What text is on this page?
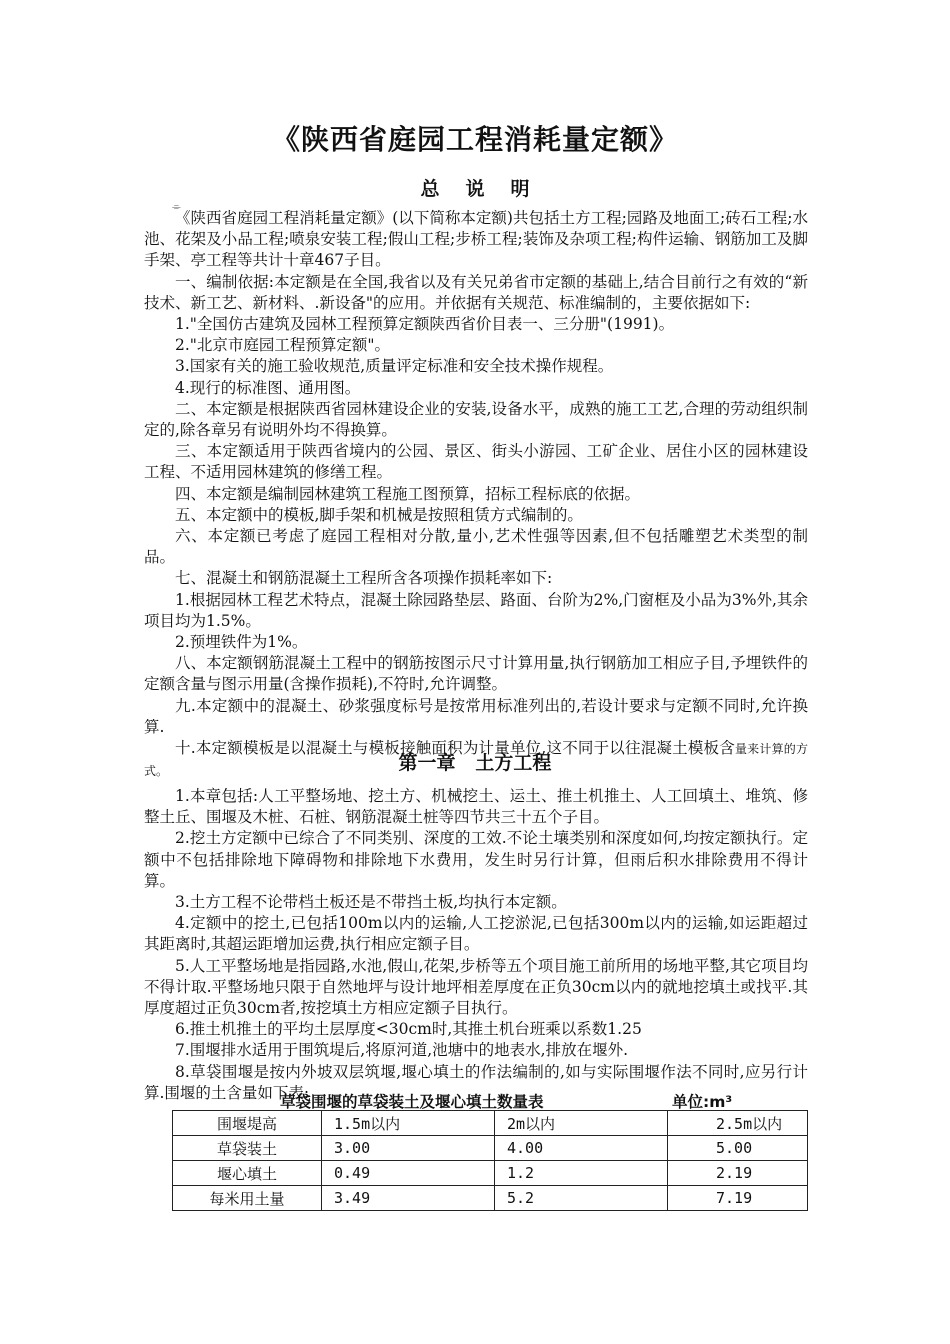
《陕西省庭园工程消耗量定额》
总说明
⌯

《陕西省庭园工程消耗量定额》(以下简称本定额)共包括土方工程;园路及地面工;砖石工程;水池、花架及小品工程;喷泉安装工程;假山工程;步桥工程;装饰及杂项工程;构件运输、钢筋加工及脚手架、亭工程等共计十章467子目。

一、编制依据:本定额是在全国,我省以及有关兄弟省市定额的基础上,结合目前行之有效的“新技术、新工艺、新材料、.新设备"的应用。并依据有关规范、标准编制的，主要依据如下:

1."全国仿古建筑及园林工程预算定额陕西省价目表一、三分册"(1991)。

2."北京市庭园工程预算定额"。

3.国家有关的施工验收规范,质量评定标准和安全技术操作规程。

4.现行的标准图、通用图。

二、本定额是根据陕西省园林建设企业的安装,设备水平，成熟的施工工艺,合理的劳动组织制定的,除各章另有说明外均不得换算。

三、本定额适用于陕西省境内的公园、景区、街头小游园、工矿企业、居住小区的园林建设工程、不适用园林建筑的修缮工程。

四、本定额是编制园林建筑工程施工图预算，招标工程标底的依据。

五、本定额中的模板,脚手架和机械是按照租赁方式编制的。

六、本定额已考虑了庭园工程相对分散,量小,艺术性强等因素,但不包括雕塑艺术类型的制品。

七、混凝土和钢筋混凝土工程所含各项操作损耗率如下:

1.根据园林工程艺术特点，混凝土除园路垫层、路面、台阶为2%,门窗框及小品为3%外,其余项目均为1.5%。

2.预埋铁件为1%。

八、本定额钢筋混凝土工程中的钢筋按图示尺寸计算用量,执行钢筋加工相应子目,予埋铁件的定额含量与图示用量(含操作损耗),不符时,允许调整。

九.本定额中的混凝土、砂浆强度标号是按常用标准列出的,若设计要求与定额不同时,允许换算.

十.本定额模板是以混凝土与模板接触面积为计量单位,这不同于以往混凝土模板含量来计算的方式。	第一章 土方工程

1.本章包括:人工平整场地、挖土方、机械挖土、运土、推土机推土、人工回填土、堆筑、修整土丘、围堰及木桩、石桩、钢筋混凝土桩等四节共三十五个子目。

2.挖土方定额中已综合了不同类别、深度的工效.不论土壤类别和深度如何,均按定额执行。定额中不包括排除地下障碍物和排除地下水费用，发生时另行计算，但雨后积水排除费用不得计算。

3.土方工程不论带档土板还是不带挡土板,均执行本定额。

4.定额中的挖土,已包括100m以内的运输,人工挖淤泥,已包括300m以内的运输,如运距超过其距离时,其超运距增加运费,执行相应定额子目。

5.人工平整场地是指园路,水池,假山,花架,步桥等五个项目施工前所用的场地平整,其它项目均不得计取.平整场地只限于自然地坪与设计地坪相差厚度在正负30cm以内的就地挖填土或找平.其厚度超过正负30cm者,按挖填土方相应定额子目执行。

6.推土机推土的平均土层厚度<30cm时,其推土机台班乘以系数1.25

7.围堰排水适用于围筑堤后,将原河道,池塘中的地表水,排放在堰外.

8.草袋围堰是按内外坡双层筑堰,堰心填土的作法编制的,如与实际围堰作法不同时,应另行计算.围堰的土含量如下表:

草袋围堰的草袋装土及堰心填土数量表	单位:m³
围堰堤高	1.5m以内	2m以内	2.5m以内
草袋装土	3.00	4.00	5.00
堰心填土	0.49	1.2	2.19
每米用土量	3.49	5.2	7.19
